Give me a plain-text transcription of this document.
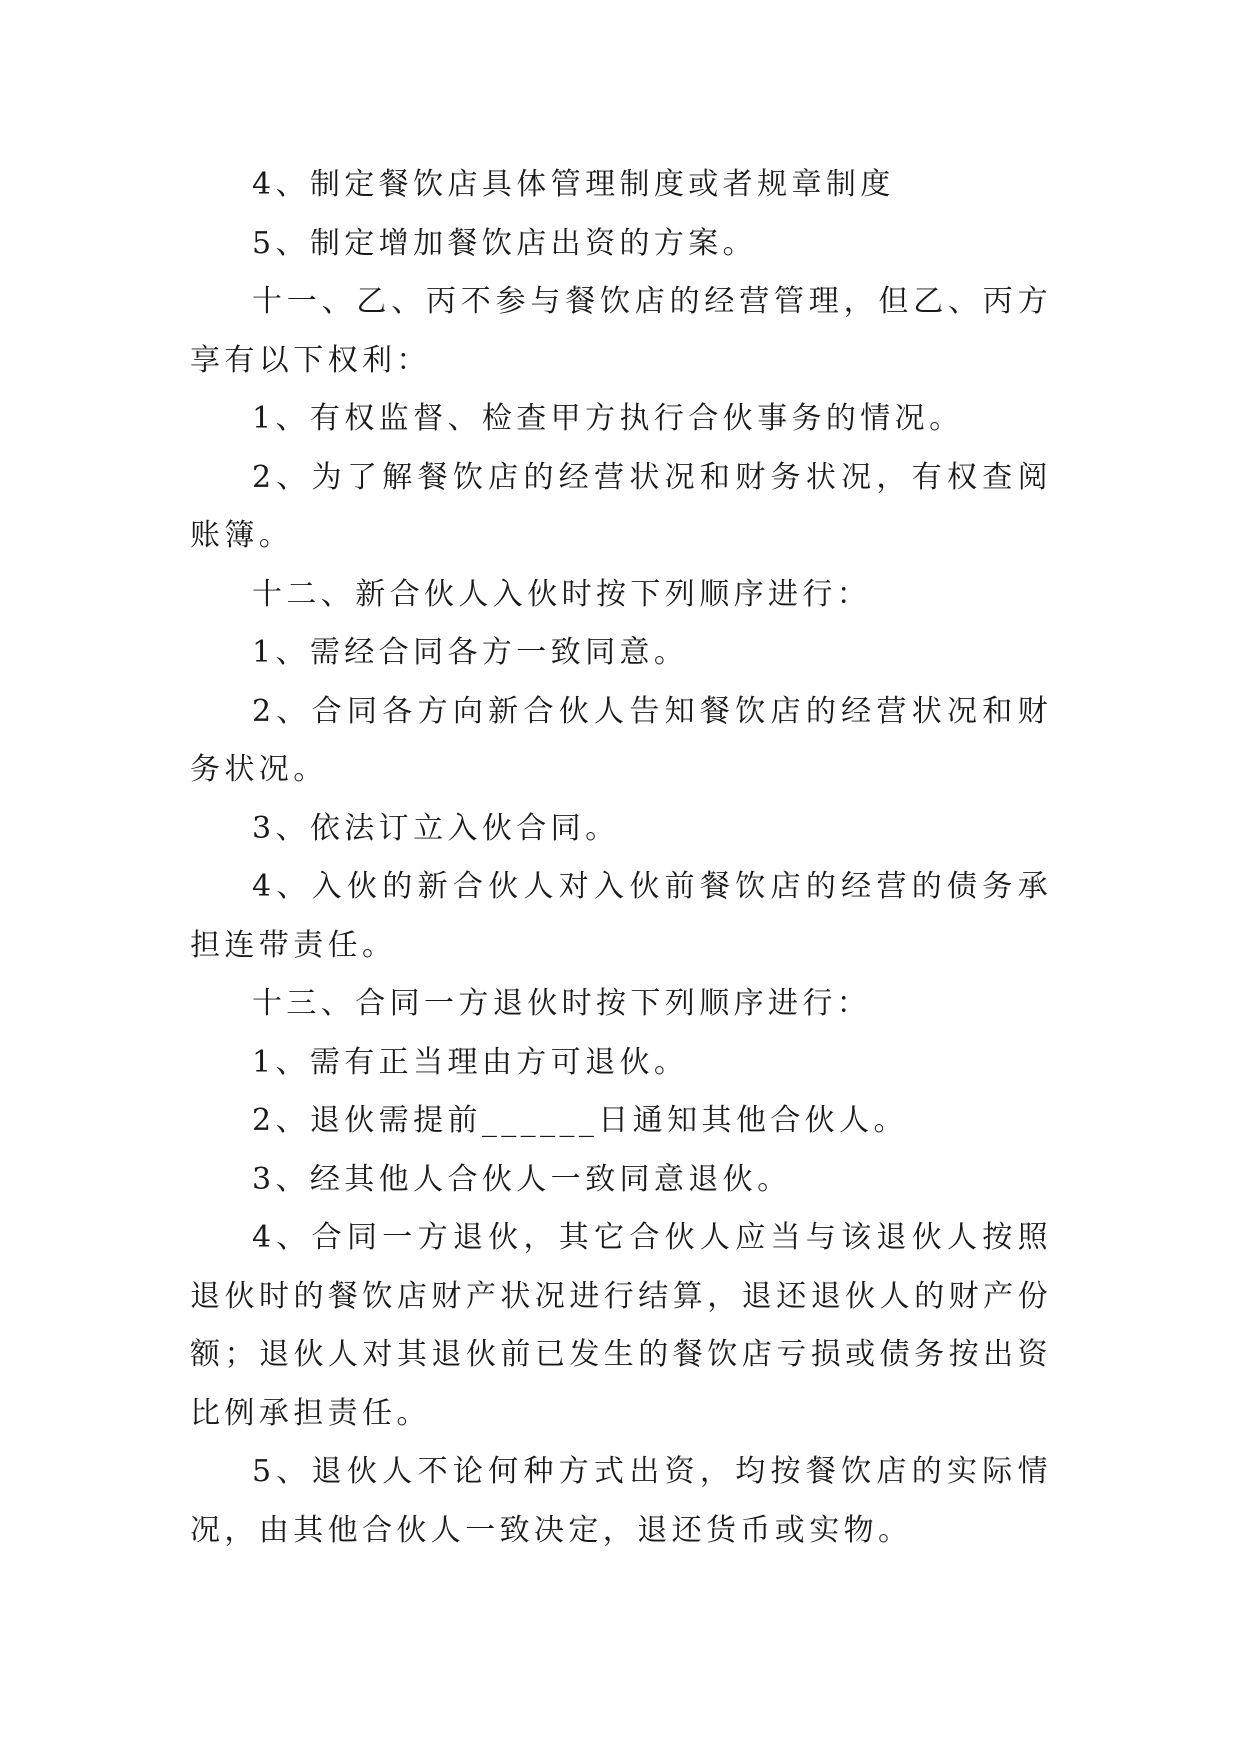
4、制定餐饮店具体管理制度或者规章制度

5、制定增加餐饮店出资的方案。

十一、乙、丙不参与餐饮店的经营管理，但乙、丙方享有以下权利：

1、有权监督、检查甲方执行合伙事务的情况。

2、为了解餐饮店的经营状况和财务状况，有权查阅账簿。

十二、新合伙人入伙时按下列顺序进行：

1、需经合同各方一致同意。

2、合同各方向新合伙人告知餐饮店的经营状况和财务状况。

3、依法订立入伙合同。

4、入伙的新合伙人对入伙前餐饮店的经营的债务承担连带责任。

十三、合同一方退伙时按下列顺序进行：

1、需有正当理由方可退伙。

2、退伙需提前______日通知其他合伙人。

3、经其他人合伙人一致同意退伙。

4、合同一方退伙，其它合伙人应当与该退伙人按照退伙时的餐饮店财产状况进行结算，退还退伙人的财产份额；退伙人对其退伙前已发生的餐饮店亏损或债务按出资比例承担责任。

5、退伙人不论何种方式出资，均按餐饮店的实际情况，由其他合伙人一致决定，退还货币或实物。
